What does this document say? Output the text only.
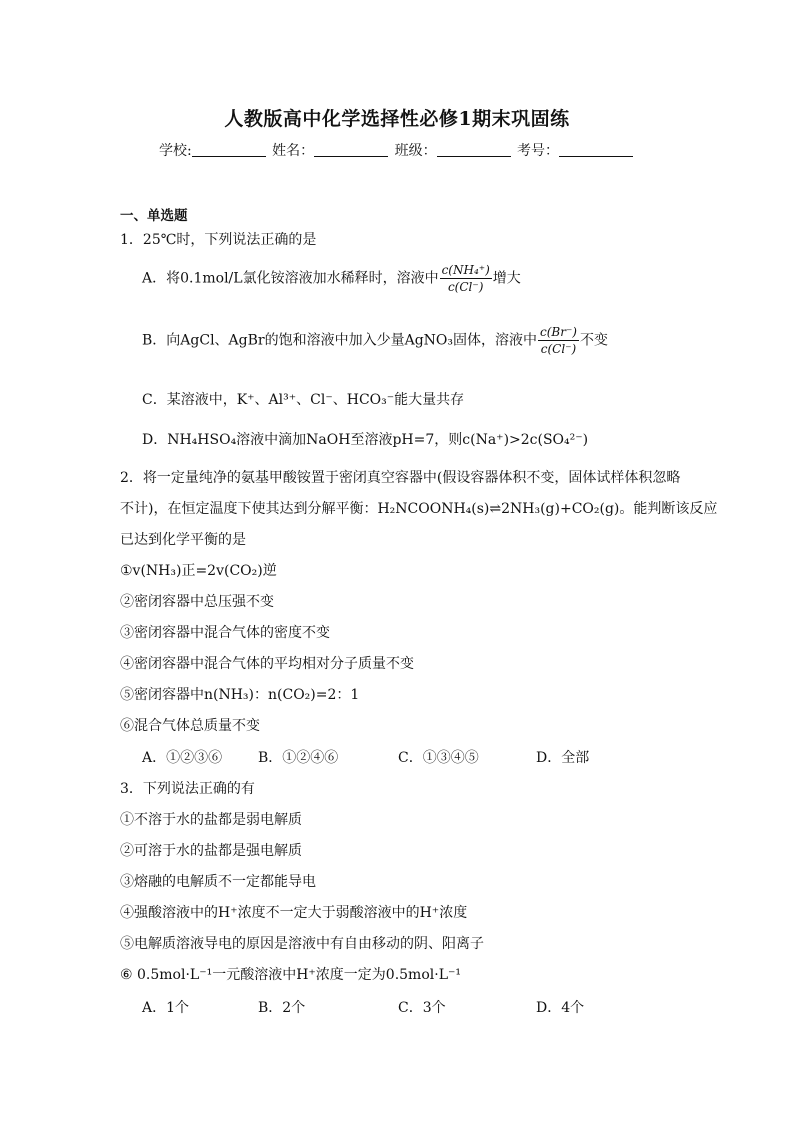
人教版高中化学选择性必修1期末巩固练
学校:	姓名：	班级：	考号：
一、单选题
1．25℃时，下列说法正确的是
A．将0.1mol/L氯化铵溶液加水稀释时，溶液中 $\frac{\text{c(NH₄⁺)}}{c(Cl^-)}$ 增大
B．向AgCl、AgBr的饱和溶液中加入少量AgNO₃固体，溶液中 $\frac{c(Br^-)}{c(Cl^-)}$ 不变
C．某溶液中，K⁺、Al³⁺、Cl⁻、HCO₃⁻能大量共存
D．NH₄HSO₄溶液中滴加NaOH至溶液pH=7，则c(Na⁺)>2c(SO₄²⁻)
2．将一定量纯净的氨基甲酸铵置于密闭真空容器中(假设容器体积不变，固体试样体积忽略
不计)，在恒定温度下使其达到分解平衡：H₂NCOONH₄(s)⇌2NH₃(g)+CO₂(g)。能判断该反应
已达到化学平衡的是
①v(NH₃)正=2v(CO₂)逆
②密闭容器中总压强不变
③密闭容器中混合气体的密度不变
④密闭容器中混合气体的平均相对分子质量不变
⑤密闭容器中n(NH₃)：n(CO₂)=2：1
⑥混合气体总质量不变
A．①②③⑥	B．①②④⑥	C．①③④⑤	D．全部
3．下列说法正确的有
①不溶于水的盐都是弱电解质
②可溶于水的盐都是强电解质
③熔融的电解质不一定都能导电
④强酸溶液中的H⁺浓度不一定大于弱酸溶液中的H⁺浓度
⑤电解质溶液导电的原因是溶液中有自由移动的阴、阳离子
⑥ 0.5mol·L⁻¹一元酸溶液中H⁺浓度一定为0.5mol·L⁻¹
A．1个	B．2个	C．3个	D．4个
